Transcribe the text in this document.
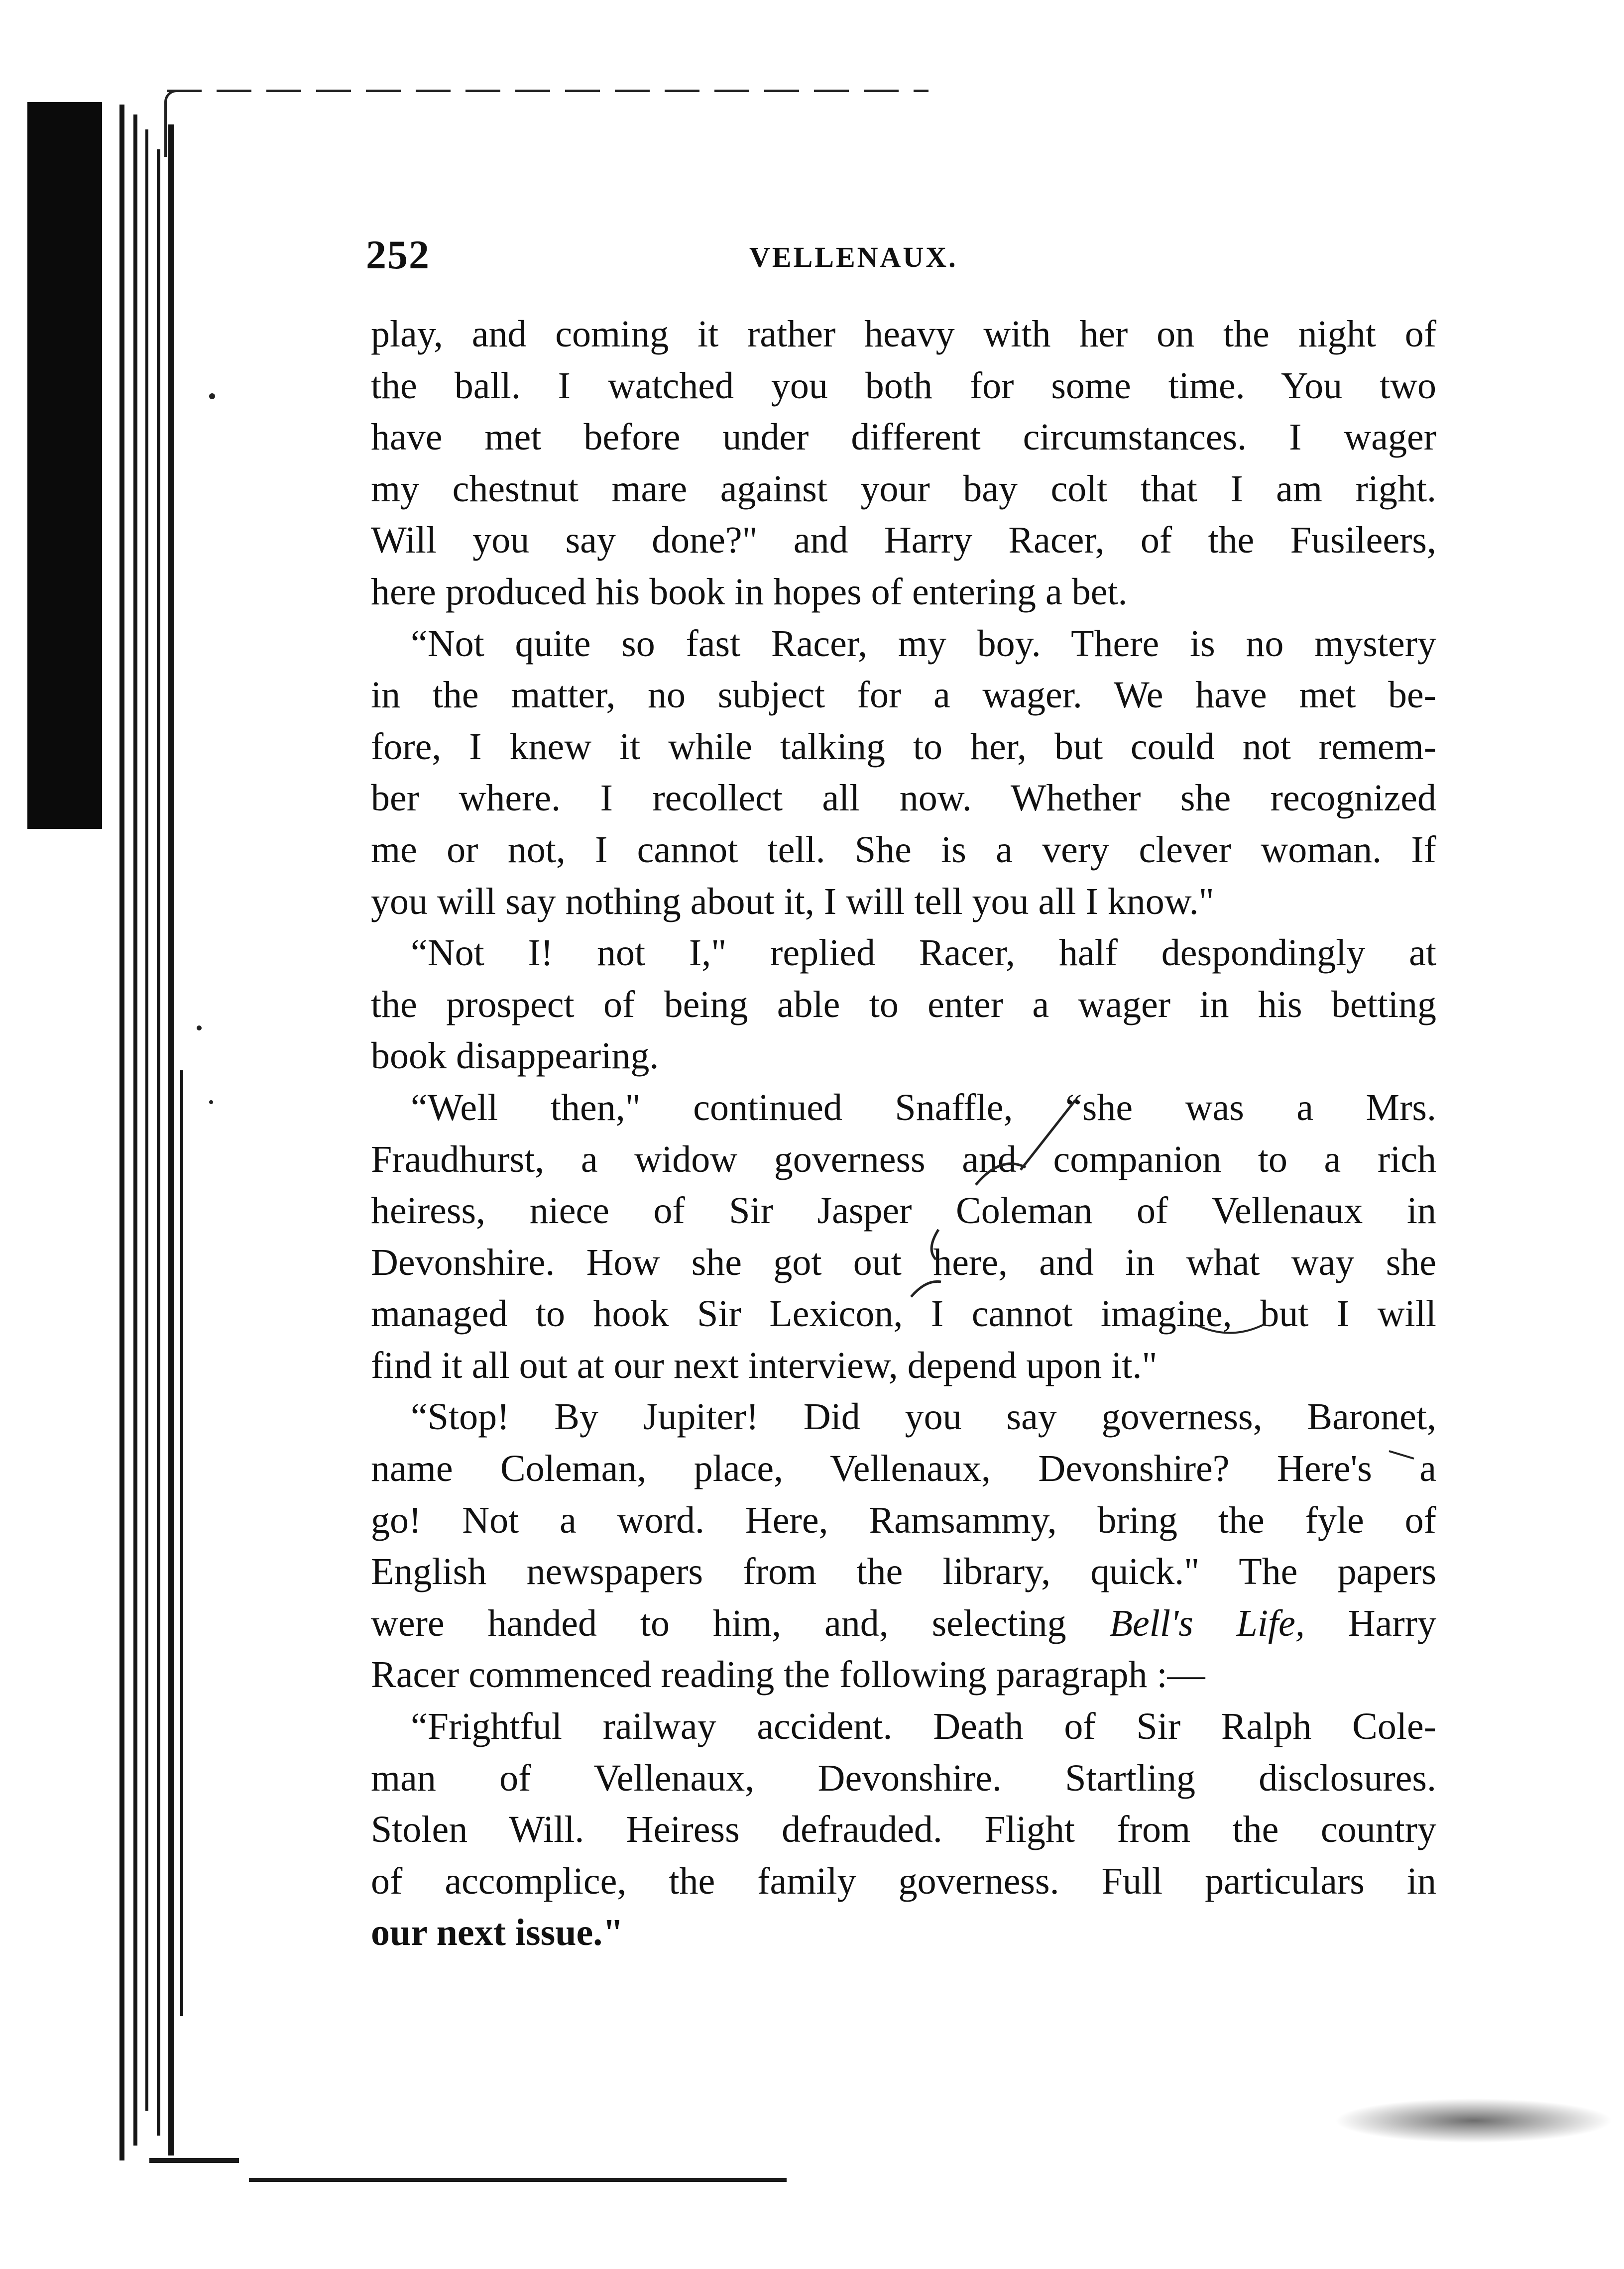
252	VELLENAUX.
play, and coming it rather heavy with her on the night of
the ball. I watched you both for some time. You two
have met before under different circumstances. I wager
my chestnut mare against your bay colt that I am right.
Will you say done?" and Harry Racer, of the Fusileers,
here produced his book in hopes of entering a bet.
“Not quite so fast Racer, my boy. There is no mystery
in the matter, no subject for a wager. We have met be-
fore, I knew it while talking to her, but could not remem-
ber where. I recollect all now. Whether she recognized
me or not, I cannot tell. She is a very clever woman. If
you will say nothing about it, I will tell you all I know."
“Not I! not I," replied Racer, half despondingly at
the prospect of being able to enter a wager in his betting
book disappearing.
“Well then," continued Snaffle, “she was a Mrs.
Fraudhurst, a widow governess and companion to a rich
heiress, niece of Sir Jasper Coleman of Vellenaux in
Devonshire. How she got out here, and in what way she
managed to hook Sir Lexicon, I cannot imagine, but I will
find it all out at our next interview, depend upon it."
“Stop! By Jupiter! Did you say governess, Baronet,
name Coleman, place, Vellenaux, Devonshire? Here's a
go! Not a word. Here, Ramsammy, bring the fyle of
English newspapers from the library, quick." The papers
were handed to him, and, selecting Bell's Life, Harry
Racer commenced reading the following paragraph :—
“Frightful railway accident. Death of Sir Ralph Cole-
man of Vellenaux, Devonshire. Startling disclosures.
Stolen Will. Heiress defrauded. Flight from the country
of accomplice, the family governess. Full particulars in
our next issue."
